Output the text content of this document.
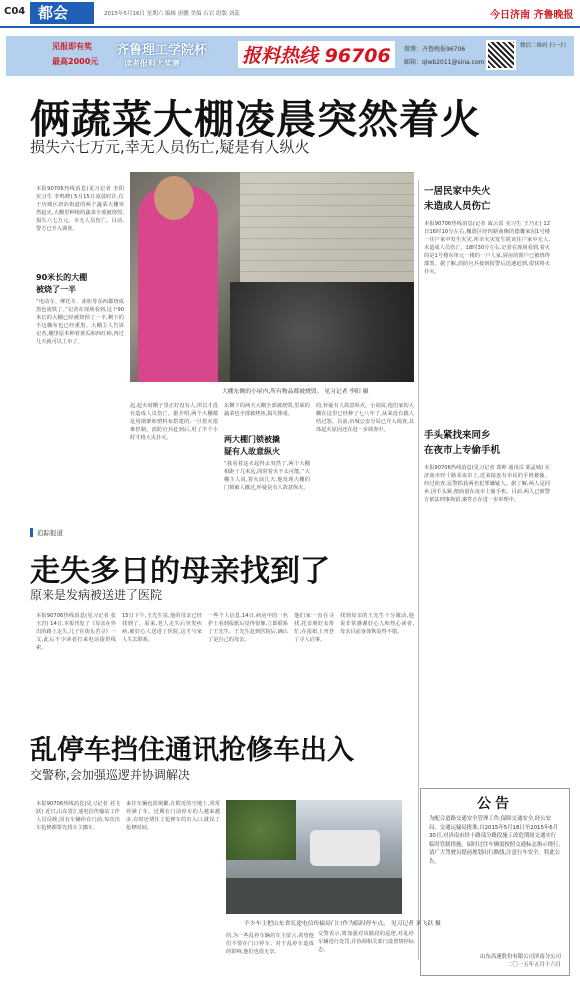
C04 都会	2015年5月16日 星期六 编辑 唐鹏 美编 石岩 组版 刘蕊	今日济南 齐鲁晚报
见报即有奖
最高2000元
齐鲁理工学院杯
读者报料大奖赛	报料热线 96706	微博：齐鲁晚报96706
邮箱：qlwb2011@sina.com
微信二维码 扫一扫
俩蔬菜大棚凌晨突然着火
损失六七万元,幸无人员伤亡,疑是有人纵火
本报90706热线消息(见习记者 李阳 实习生 李鸣晓) 5月15日凌晨时许,位于历城区唐冶街道的两个蔬菜大棚突然起火,大棚里种植的蔬菜全部被烧毁,损失六七万元。幸无人员伤亡。目前,警方已介入调查。
90米长的大棚
被烧了一半
“电动车、摩托车、冰柜等东西都烧成黑色废铁了。”记者在现场看到,这个90米长的大棚已经被烧掉了一半,剩下的半边棚布也已经熏黑。大棚主人告诉记者,棚里原本种着黄瓜和西红柿,再过几天就可以上市了。
大棚东侧的小屋内,所有物品都被烧毁。 见习记者 李阳 摄
起,起火时棚子里正好没有人,所以才没有造成人员伤亡。据介绍,两个大棚都是用钢架和塑料布搭建的,一旦着火很难控制。消防官兵赶到后,用了半个小时才将大火扑灭。
东侧下的两天大棚全部被烧毁,里面的蔬菜也全部被烤焦,损失惨重。
两大棚门锁被撬
疑有人故意纵火
“我看着这火起得太突然了,两个大棚相距十几米远,同时着火不太可能。”大棚主人说,着火前几天,他发现大棚的门锁被人撬过,怀疑是有人故意纵火。
的,怀疑有人故意纵火。小胡说,他们家的大棚在这里已经种了七八年了,从来没有跟人结过怨。目前,历城公安分局已介入调查,具体起火原因还在进一步调查中。
一居民家中失火
未造成人员伤亡
本报90706热线消息(记者 戚云雷 实习生 王乃正) 12日16时10分左右,槐荫区经四路南侧的德馨家园1号楼一住户家中发生火灾,所幸火灾发生时该住户家中无人,未造成人员伤亡。18时30分左右,记者在现场看到,着火的是1号楼东单元一楼的一户人家,厨房的窗户已被烧得漆黑。据了解,消防官兵接到报警后迅速赶到,很快将火扑灭。
手头紧找来同乡
在夜市上专偷手机
本报90706热线消息(见习记者 郑帅 通讯员 郭孟城) 在济南市经十路某夜市上,近来接连有市民的手机被偷。经过侦查,民警抓获两名犯罪嫌疑人。据了解,两人是同乡,因手头紧,便商量在夜市上偷手机。目前,两人已被警方依法刑事拘留,案件正在进一步审理中。
追踪报道
走失多日的母亲找到了
原来是发病被送进了医院
本报90706热线消息(见习记者 张玉岩) 14日,本报刊发了《母亲在外出的路上走失,儿子在街头苦寻》一文,此后不少读者打来电话提供线索。
15日下午,王先生说,他的母亲已经找到了。原来,老人走失后突发疾病,被好心人送进了医院,这才与家人失去联系。
一些个人信息,14日,病房中的一名护士看到报纸后觉得很像,立即联系了王先生。王先生赶到医院后,确认了是自己的母亲。
他们家一直在寻找,托亲朋好友帮忙,在报纸上刊登了寻人启事。
找到母亲的王先生十分激动,他说非常感谢好心人和热心读者,母亲目前身体恢复得不错。
乱停车挡住通讯抢修车出入
交警称,会加强巡逻并协调解决
本报90706热线消息(见习记者 刘飞跃) 近日,山东省汇通电信传输站工作人员反映,因有车辆停在门前,每次出车抢修都要先找车主挪车。
来往车辆也很频繁,在附近的空地上,常常停满了车。近期在门前停车的人越来越多,有时还堵住了抢修车的出入口,耽误了抢修时间。
不少车主把山东省长途电信传输局门口作为临时停车点。 见习记者 刘飞跃 摄
的,为一些乱停车辆的车主留言,希望他们不要在门口停车。对于乱停车造成的影响,他们也很无奈。
交警表示,将加强对该路段的巡逻,对乱停车辆进行处罚,并协调相关部门设置禁停标志。
公告
为配合道路交通安全管理工作,保障交通安全,经公安局、交通运输局批准,自2015年5月18日至2015年6月30日,对济南市经十路部分路段施工改造期间交通实行临时管制措施。届时过往车辆需按照交通标志指示绕行,请广大驾驶员提前规划出行路线,注意行车安全。特此公告。
山东高速股份有限公司济南分公司
二〇一五年五月十六日
